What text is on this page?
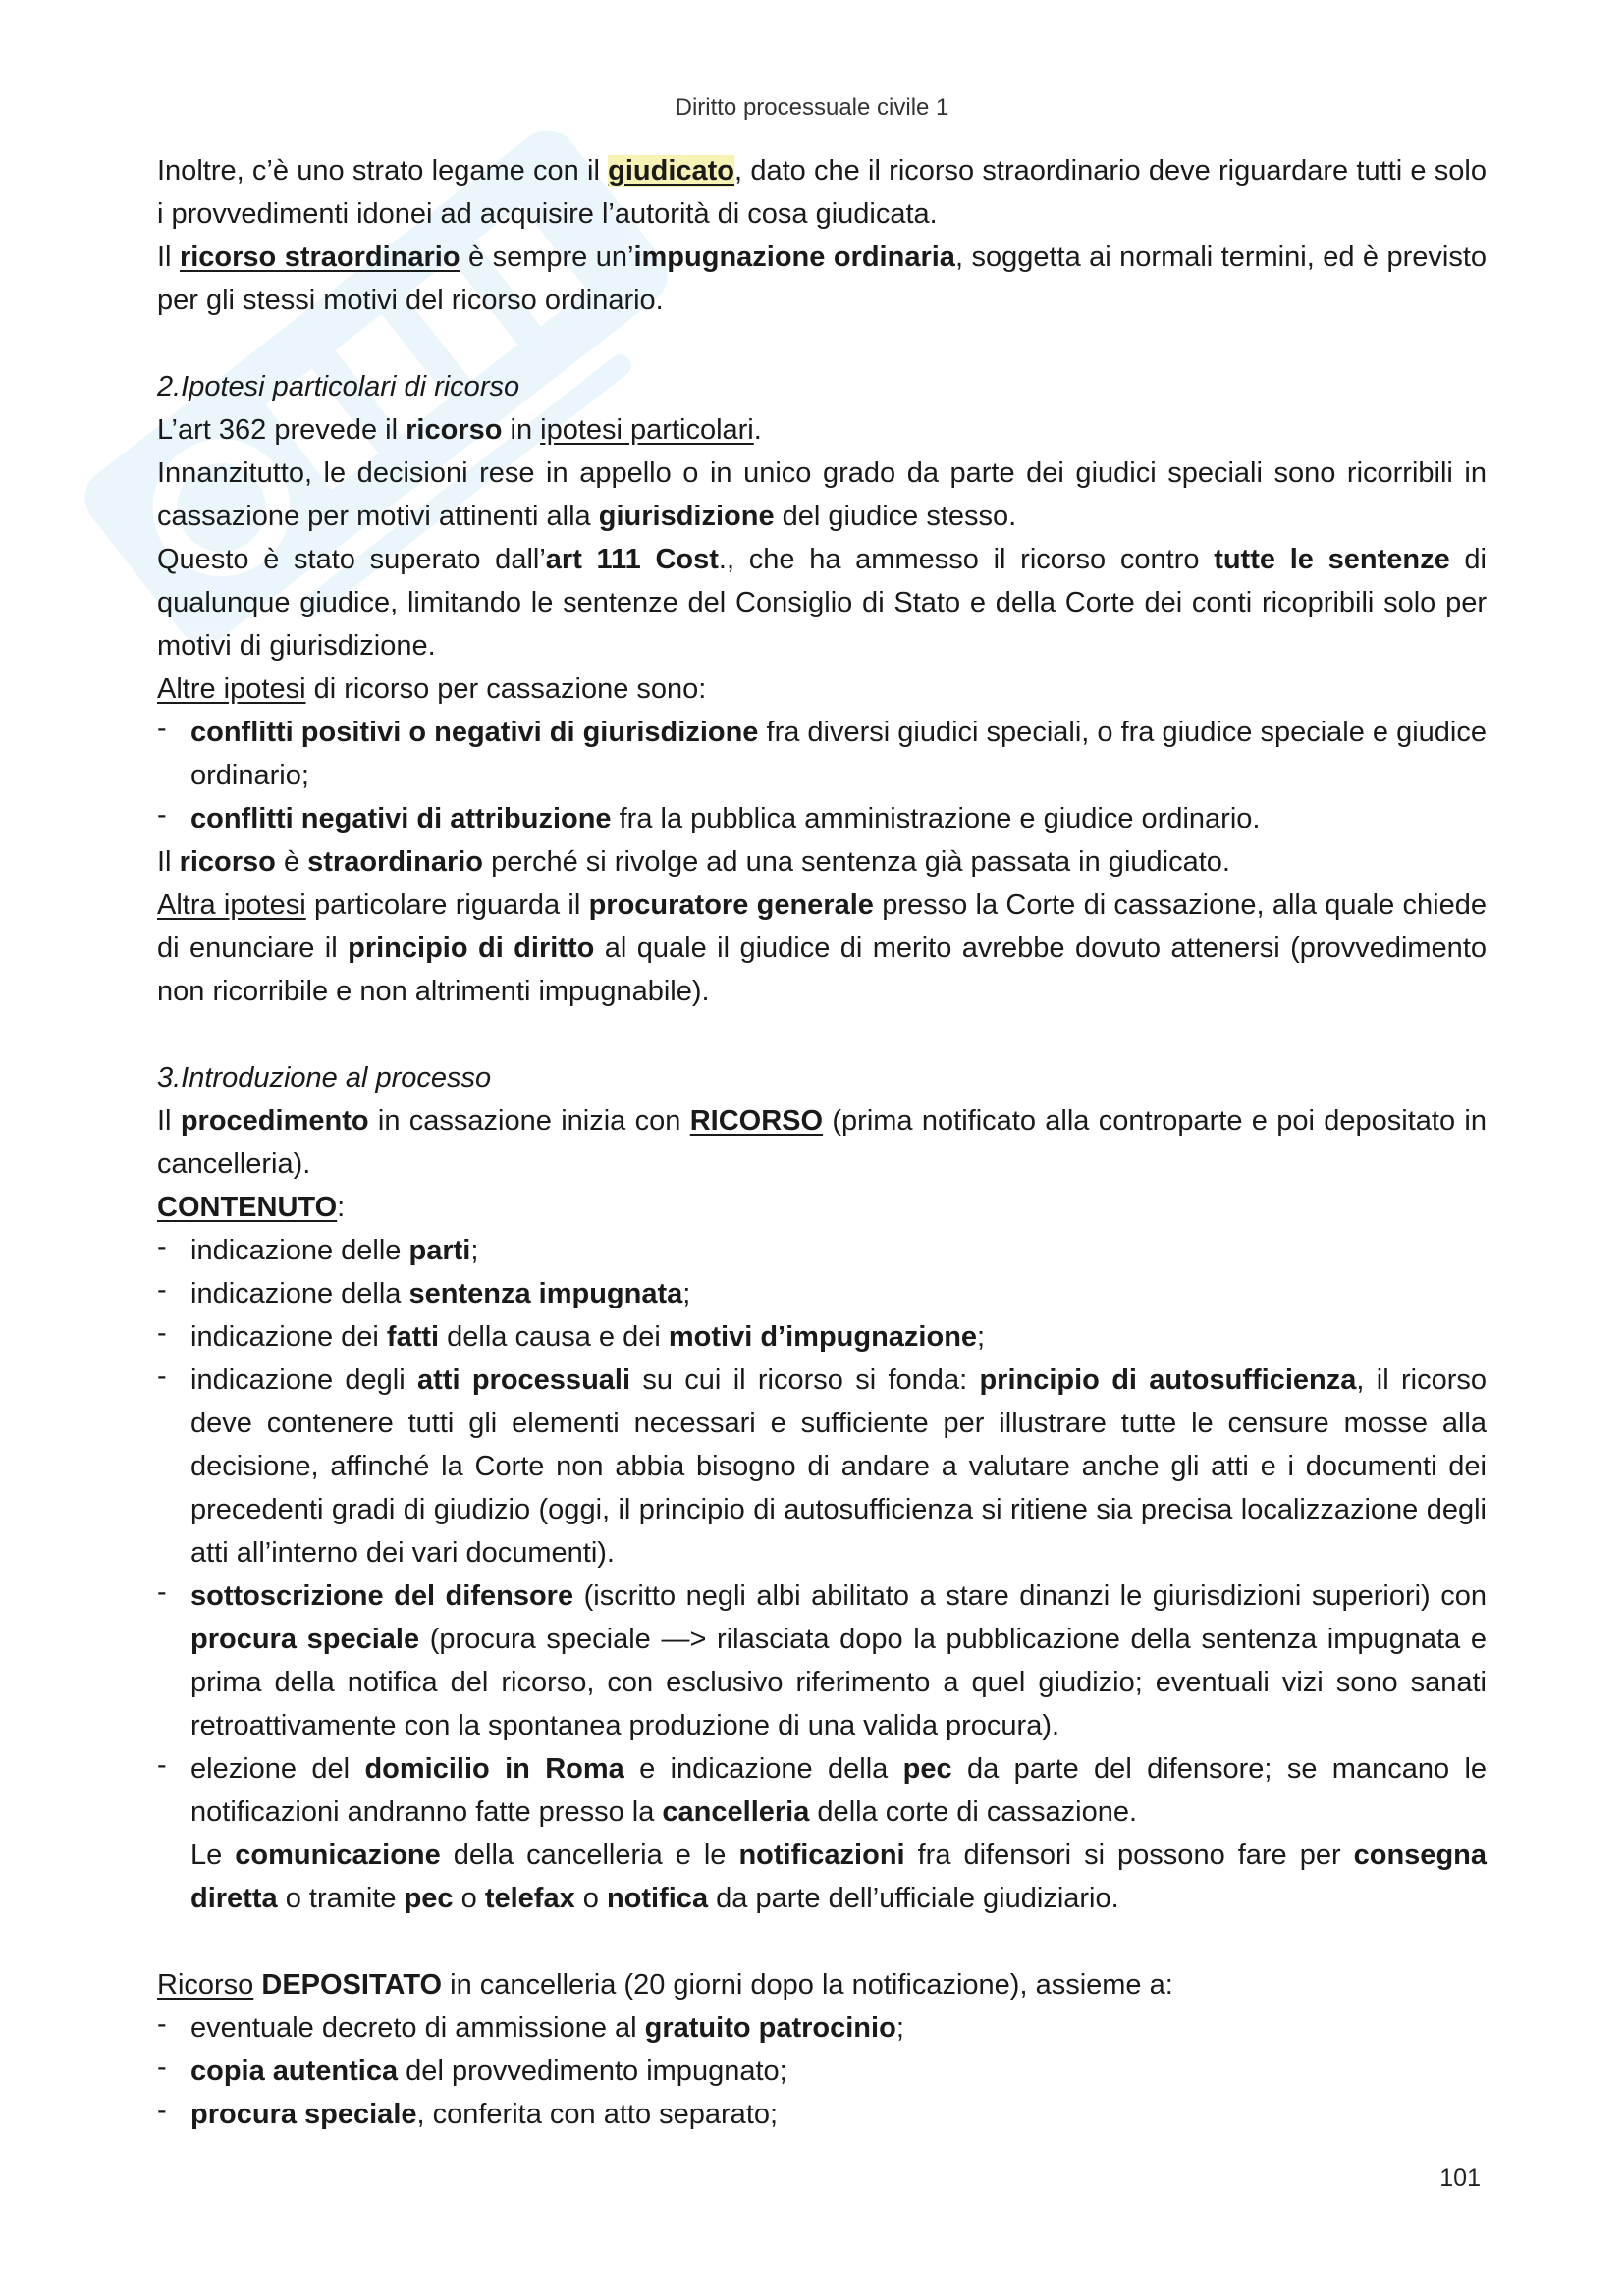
Diritto processuale civile 1

Inoltre, c’è uno strato legame con il giudicato, dato che il ricorso straordinario deve riguardare tutti e solo i provvedimenti idonei ad acquisire l’autorità di cosa giudicata.

Il ricorso straordinario è sempre un’impugnazione ordinaria, soggetta ai normali termini, ed è previsto per gli stessi motivi del ricorso ordinario.

2.Ipotesi particolari di ricorso

L’art 362 prevede il ricorso in ipotesi particolari.

Innanzitutto, le decisioni rese in appello o in unico grado da parte dei giudici speciali sono ricorribili in cassazione per motivi attinenti alla giurisdizione del giudice stesso.

Questo è stato superato dall’art 111 Cost., che ha ammesso il ricorso contro tutte le sentenze di qualunque giudice, limitando le sentenze del Consiglio di Stato e della Corte dei conti ricopribili solo per motivi di giurisdizione.

Altre ipotesi di ricorso per cassazione sono:

- conflitti positivi o negativi di giurisdizione fra diversi giudici speciali, o fra giudice speciale e giudice ordinario;
- conflitti negativi di attribuzione fra la pubblica amministrazione e giudice ordinario.

Il ricorso è straordinario perché si rivolge ad una sentenza già passata in giudicato.

Altra ipotesi particolare riguarda il procuratore generale presso la Corte di cassazione, alla quale chiede di enunciare il principio di diritto al quale il giudice di merito avrebbe dovuto attenersi (provvedimento non ricorribile e non altrimenti impugnabile).

3.Introduzione al processo

Il procedimento in cassazione inizia con RICORSO (prima notificato alla controparte e poi depositato in cancelleria).

CONTENUTO:

- indicazione delle parti;
- indicazione della sentenza impugnata;
- indicazione dei fatti della causa e dei motivi d’impugnazione;
- indicazione degli atti processuali su cui il ricorso si fonda: principio di autosufficienza, il ricorso deve contenere tutti gli elementi necessari e sufficiente per illustrare tutte le censure mosse alla decisione, affinché la Corte non abbia bisogno di andare a valutare anche gli atti e i documenti dei precedenti gradi di giudizio (oggi, il principio di autosufficienza si ritiene sia precisa localizzazione degli atti all’interno dei vari documenti).
- sottoscrizione del difensore (iscritto negli albi abilitato a stare dinanzi le giurisdizioni superiori) con procura speciale (procura speciale —> rilasciata dopo la pubblicazione della sentenza impugnata e prima della notifica del ricorso, con esclusivo riferimento a quel giudizio; eventuali vizi sono sanati retroattivamente con la spontanea produzione di una valida procura).
- elezione del domicilio in Roma e indicazione della pec da parte del difensore; se mancano le notificazioni andranno fatte presso la cancelleria della corte di cassazione.

Le comunicazione della cancelleria e le notificazioni fra difensori si possono fare per consegna diretta o tramite pec o telefax o notifica da parte dell’ufficiale giudiziario.

Ricorso DEPOSITATO in cancelleria (20 giorni dopo la notificazione), assieme a:

- eventuale decreto di ammissione al gratuito patrocinio;
- copia autentica del provvedimento impugnato;
- procura speciale, conferita con atto separato;
101
